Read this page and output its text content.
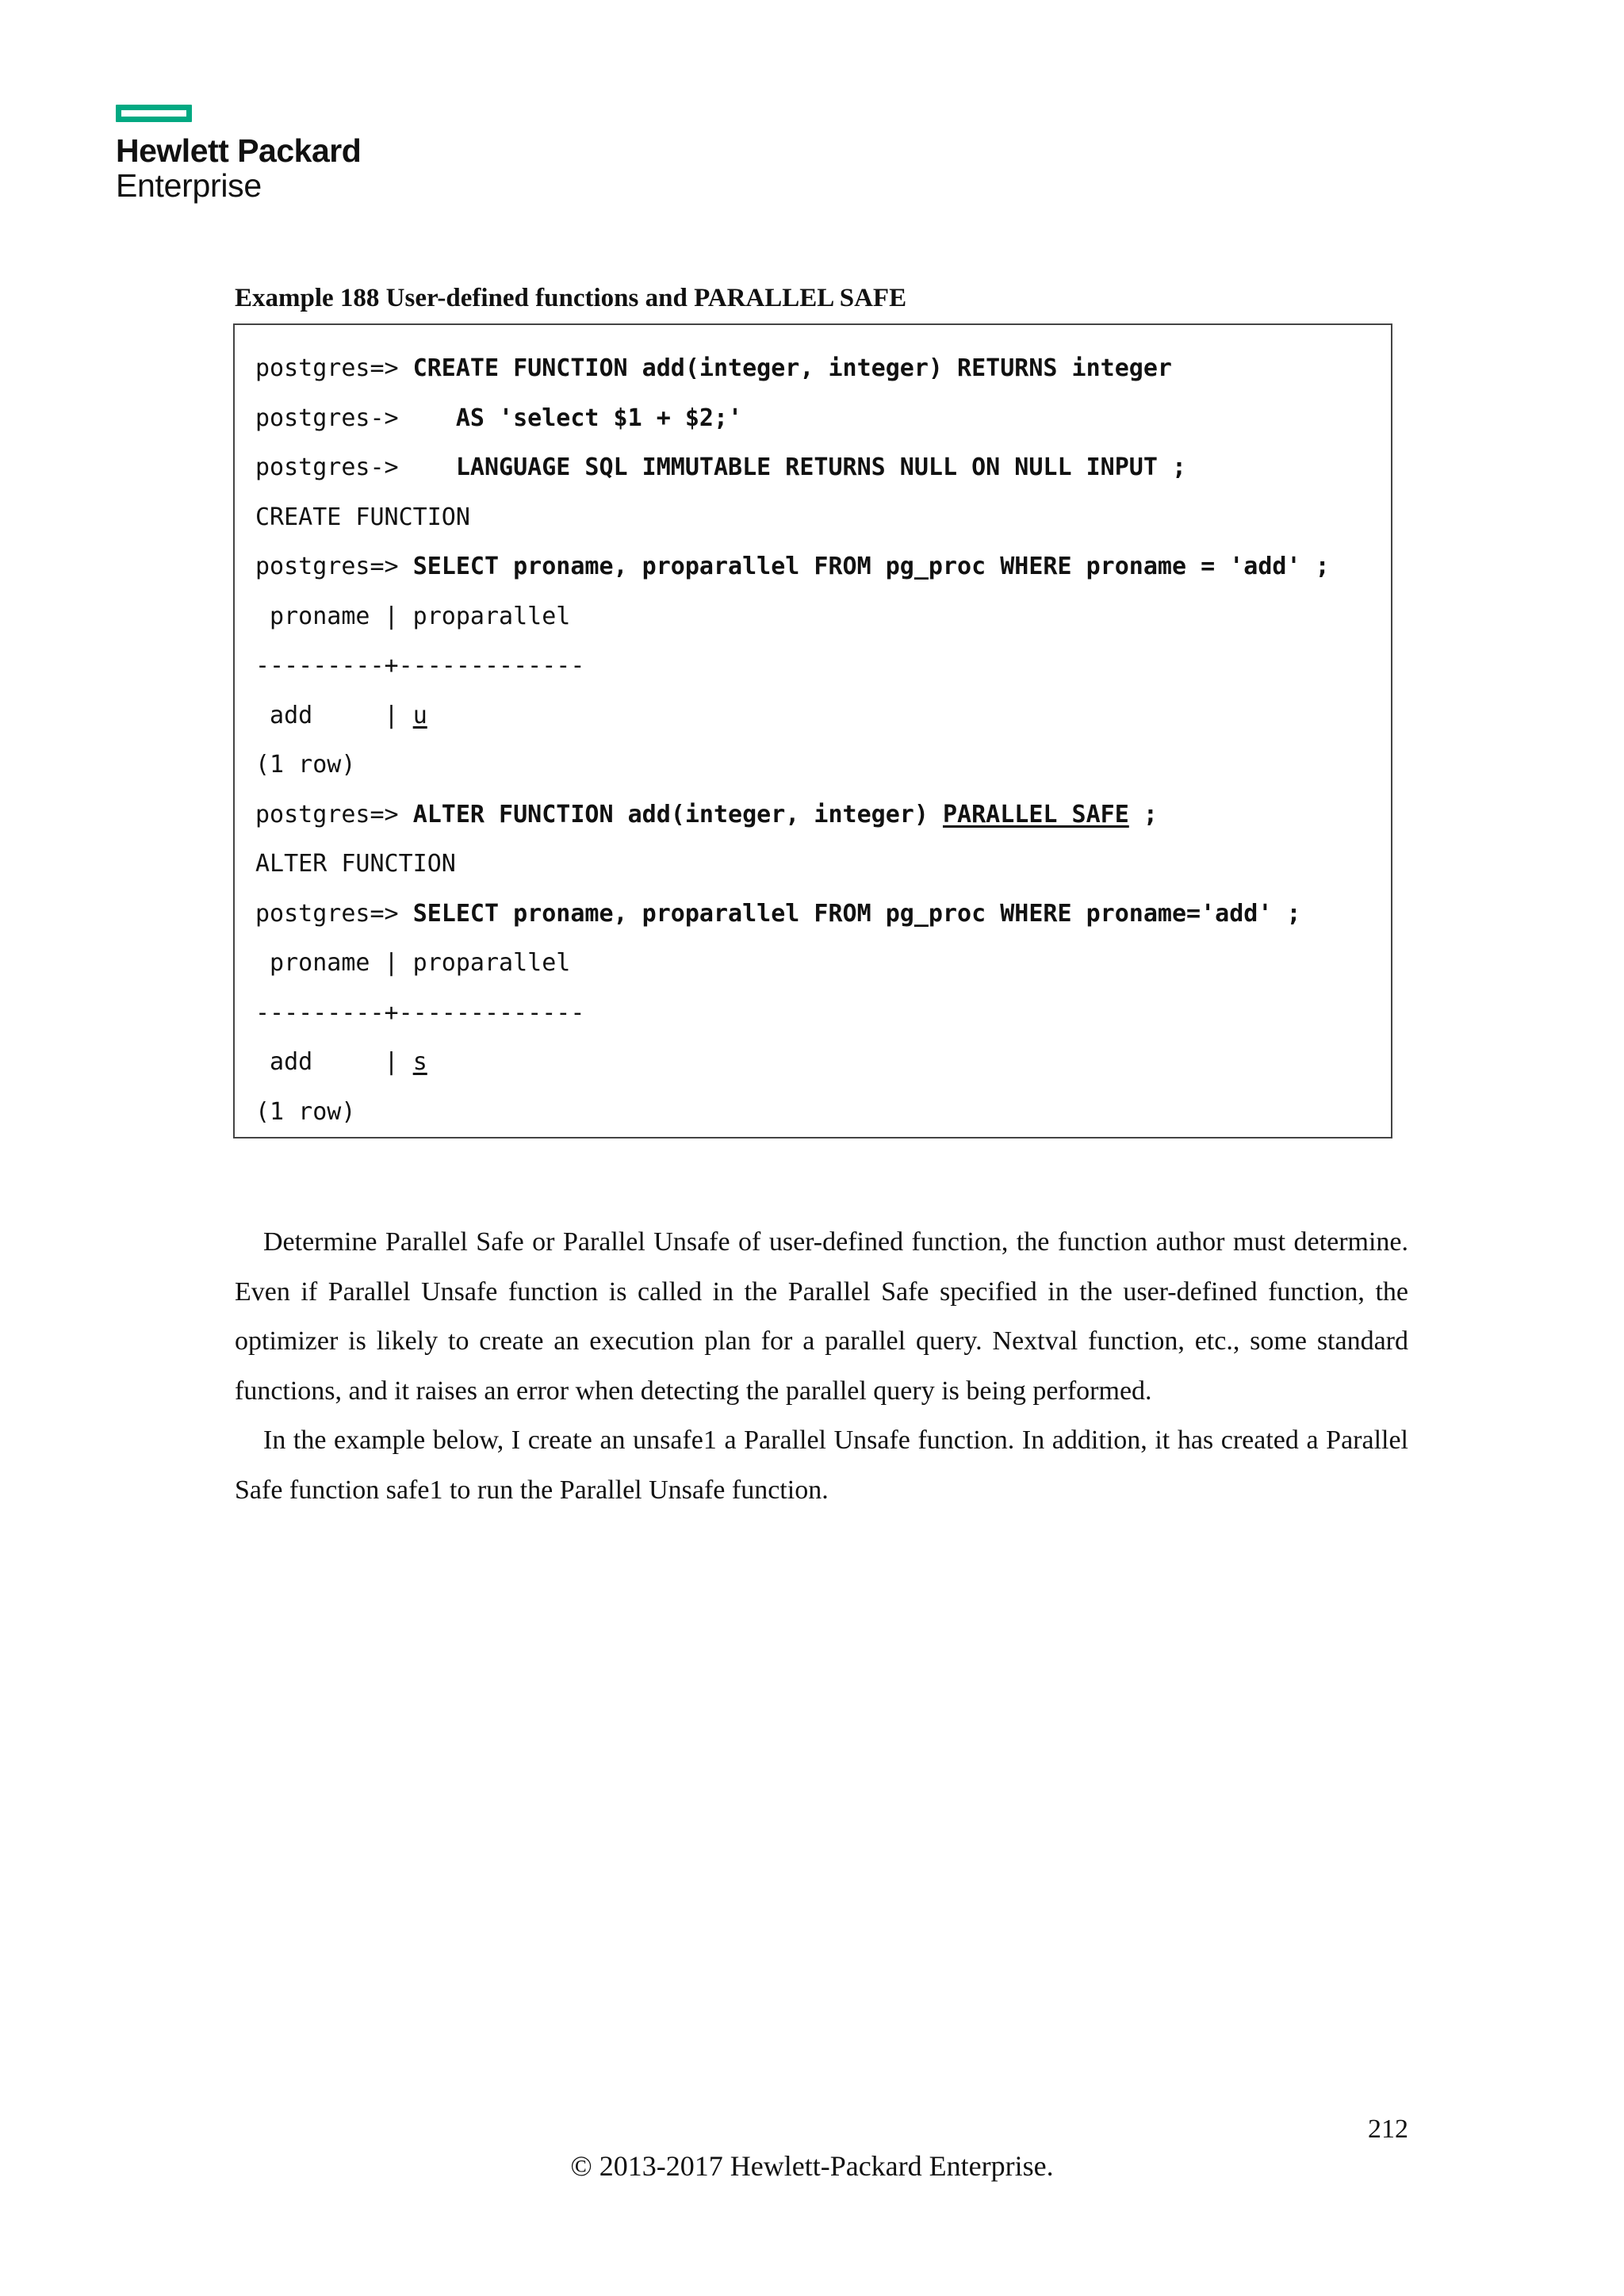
Hewlett Packard
Enterprise
Example 188 User-defined functions and PARALLEL SAFE
postgres=> CREATE FUNCTION add(integer, integer) RETURNS integer
postgres->    AS 'select $1 + $2;'
postgres->    LANGUAGE SQL IMMUTABLE RETURNS NULL ON NULL INPUT ;
CREATE FUNCTION
postgres=> SELECT proname, proparallel FROM pg_proc WHERE proname = 'add' ;
proname | proparallel
---------+-------------
add     | u
(1 row)
postgres=> ALTER FUNCTION add(integer, integer) PARALLEL SAFE ;
ALTER FUNCTION
postgres=> SELECT proname, proparallel FROM pg_proc WHERE proname='add' ;
proname | proparallel
---------+-------------
add     | s
(1 row)

Determine Parallel Safe or Parallel Unsafe of user-defined function, the function author must determine. Even if Parallel Unsafe function is called in the Parallel Safe specified in the user-defined function, the optimizer is likely to create an execution plan for a parallel query. Nextval function, etc., some standard functions, and it raises an error when detecting the parallel query is being performed.

In the example below, I create an unsafe1 a Parallel Unsafe function. In addition, it has created a Parallel Safe function safe1 to run the Parallel Unsafe function.

212
© 2013-2017 Hewlett-Packard Enterprise.
